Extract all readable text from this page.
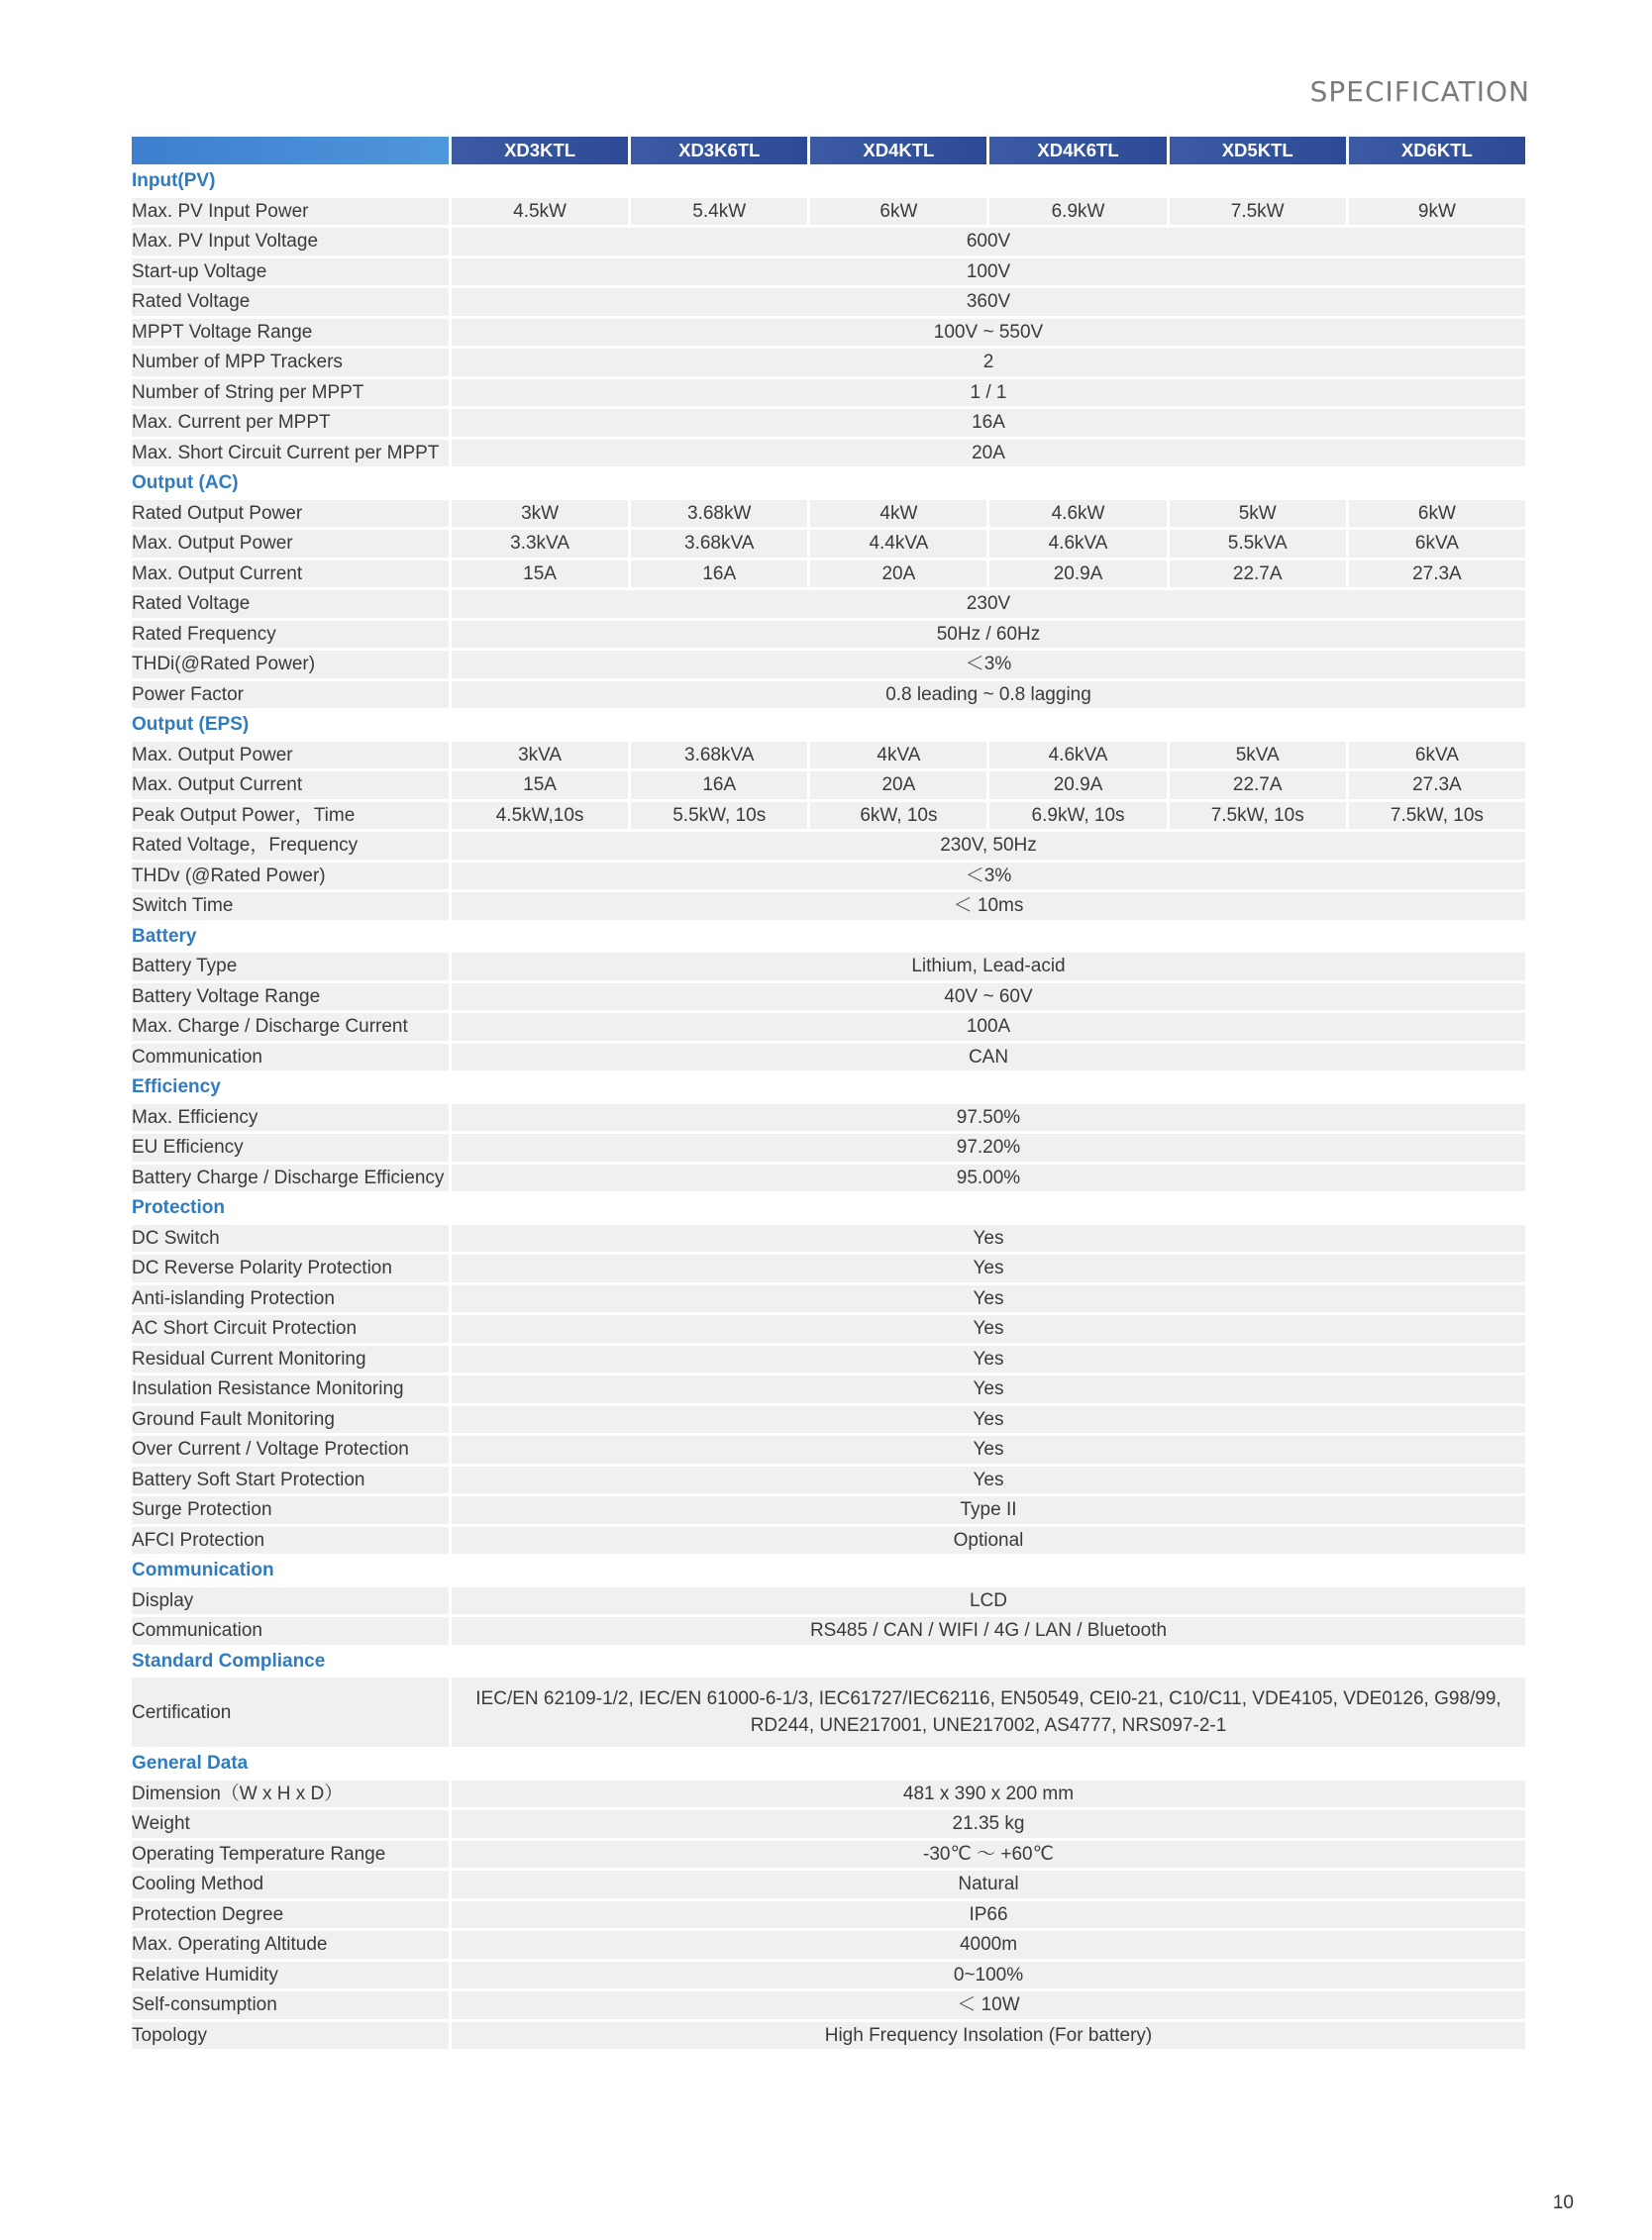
SPECIFICATION
	XD3KTL	XD3K6TL	XD4KTL	XD4K6TL	XD5KTL	XD6KTL
Input(PV)						
Max. PV Input Power	4.5kW	5.4kW	6kW	6.9kW	7.5kW	9kW
Max. PV Input Voltage	600V					
Start-up Voltage	100V					
Rated Voltage	360V					
MPPT Voltage Range	100V ~ 550V					
Number of MPP Trackers	2					
Number of String per MPPT	1 / 1					
Max. Current per MPPT	16A					
Max. Short Circuit Current per MPPT	20A					
Output (AC)						
Rated Output Power	3kW	3.68kW	4kW	4.6kW	5kW	6kW
Max. Output Power	3.3kVA	3.68kVA	4.4kVA	4.6kVA	5.5kVA	6kVA
Max. Output Current	15A	16A	20A	20.9A	22.7A	27.3A
Rated Voltage	230V					
Rated Frequency	50Hz / 60Hz					
THDi(@Rated Power)	＜3%					
Power Factor	0.8 leading ~ 0.8 lagging					
Output (EPS)						
Max. Output Power	3kVA	3.68kVA	4kVA	4.6kVA	5kVA	6kVA
Max. Output Current	15A	16A	20A	20.9A	22.7A	27.3A
Peak Output Power，Time	4.5kW,10s	5.5kW, 10s	6kW, 10s	6.9kW, 10s	7.5kW, 10s	7.5kW, 10s
Rated Voltage，Frequency	230V, 50Hz					
THDv (@Rated Power)	＜3%					
Switch Time	＜ 10ms					
Battery						
Battery Type	Lithium, Lead-acid					
Battery Voltage Range	40V ~ 60V					
Max. Charge / Discharge Current	100A					
Communication	CAN					
Efficiency						
Max. Efficiency	97.50%					
EU Efficiency	97.20%					
Battery Charge / Discharge Efficiency	95.00%					
Protection						
DC Switch	Yes					
DC Reverse Polarity Protection	Yes					
Anti-islanding Protection	Yes					
AC Short Circuit Protection	Yes					
Residual Current Monitoring	Yes					
Insulation Resistance Monitoring	Yes					
Ground Fault Monitoring	Yes					
Over Current / Voltage Protection	Yes					
Battery Soft Start Protection	Yes					
Surge Protection	Type II					
AFCI Protection	Optional					
Communication						
Display	LCD					
Communication	RS485 / CAN / WIFI / 4G / LAN / Bluetooth					
Standard Compliance						
Certification	IEC/EN 62109-1/2, IEC/EN 61000-6-1/3, IEC61727/IEC62116, EN50549, CEI0-21, C10/C11, VDE4105, VDE0126, G98/99, RD244, UNE217001, UNE217002, AS4777, NRS097-2-1					
General Data						
Dimension（W x H x D）	481 x 390 x 200 mm					
Weight	21.35 kg					
Operating Temperature Range	-30℃ ～ +60℃					
Cooling Method	Natural					
Protection Degree	IP66					
Max. Operating Altitude	4000m					
Relative Humidity	0~100%					
Self-consumption	＜ 10W					
Topology	High Frequency Insolation (For battery)					
10
